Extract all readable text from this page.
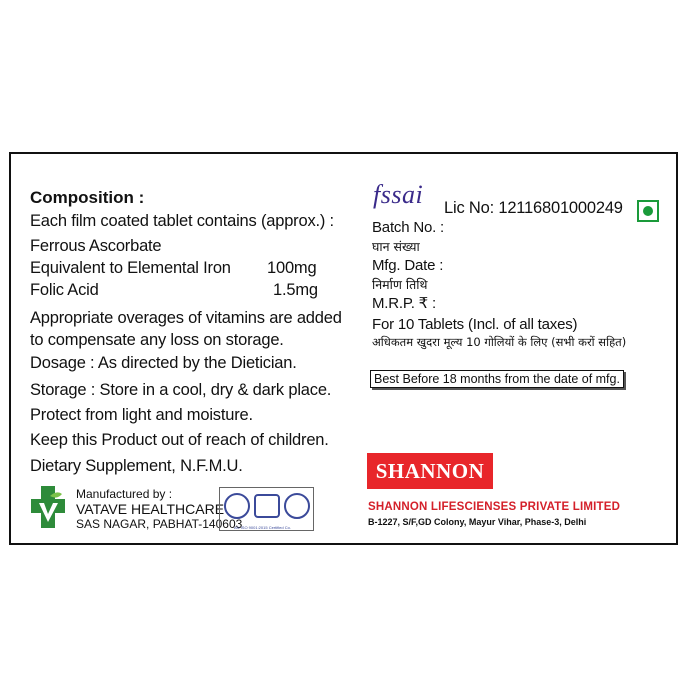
Composition :
Each film coated tablet contains (approx.) :
Ferrous Ascorbate
Equivalent to Elemental Iron 100mg
Folic Acid	1.5mg
Appropriate overages of vitamins are added
to compensate any loss on storage.
Dosage : As directed by the Dietician.
Storage : Store in a cool, dry & dark place.
Protect from light and moisture.
Keep this Product out of reach of children.
Dietary Supplement, N.F.M.U.
Manufactured by :
VATAVE HEALTHCARE
SAS NAGAR, PABHAT-140603
AN ISO 9001:2015 Certified Co.
fssai Lic No: 12116801000249
Batch No. :
घान संख्या
Mfg. Date :
निर्माण तिथि
M.R.P. ₹ :
For 10 Tablets (Incl. of all taxes)
अधिकतम खुदरा मूल्य 10 गोलियों के लिए (सभी करों सहित)
Best Before 18 months from the date of mfg.
SHANNON
SHANNON LIFESCIENSES PRIVATE LIMITED
B-1227, S/F,GD Colony, Mayur Vihar, Phase-3, Delhi
